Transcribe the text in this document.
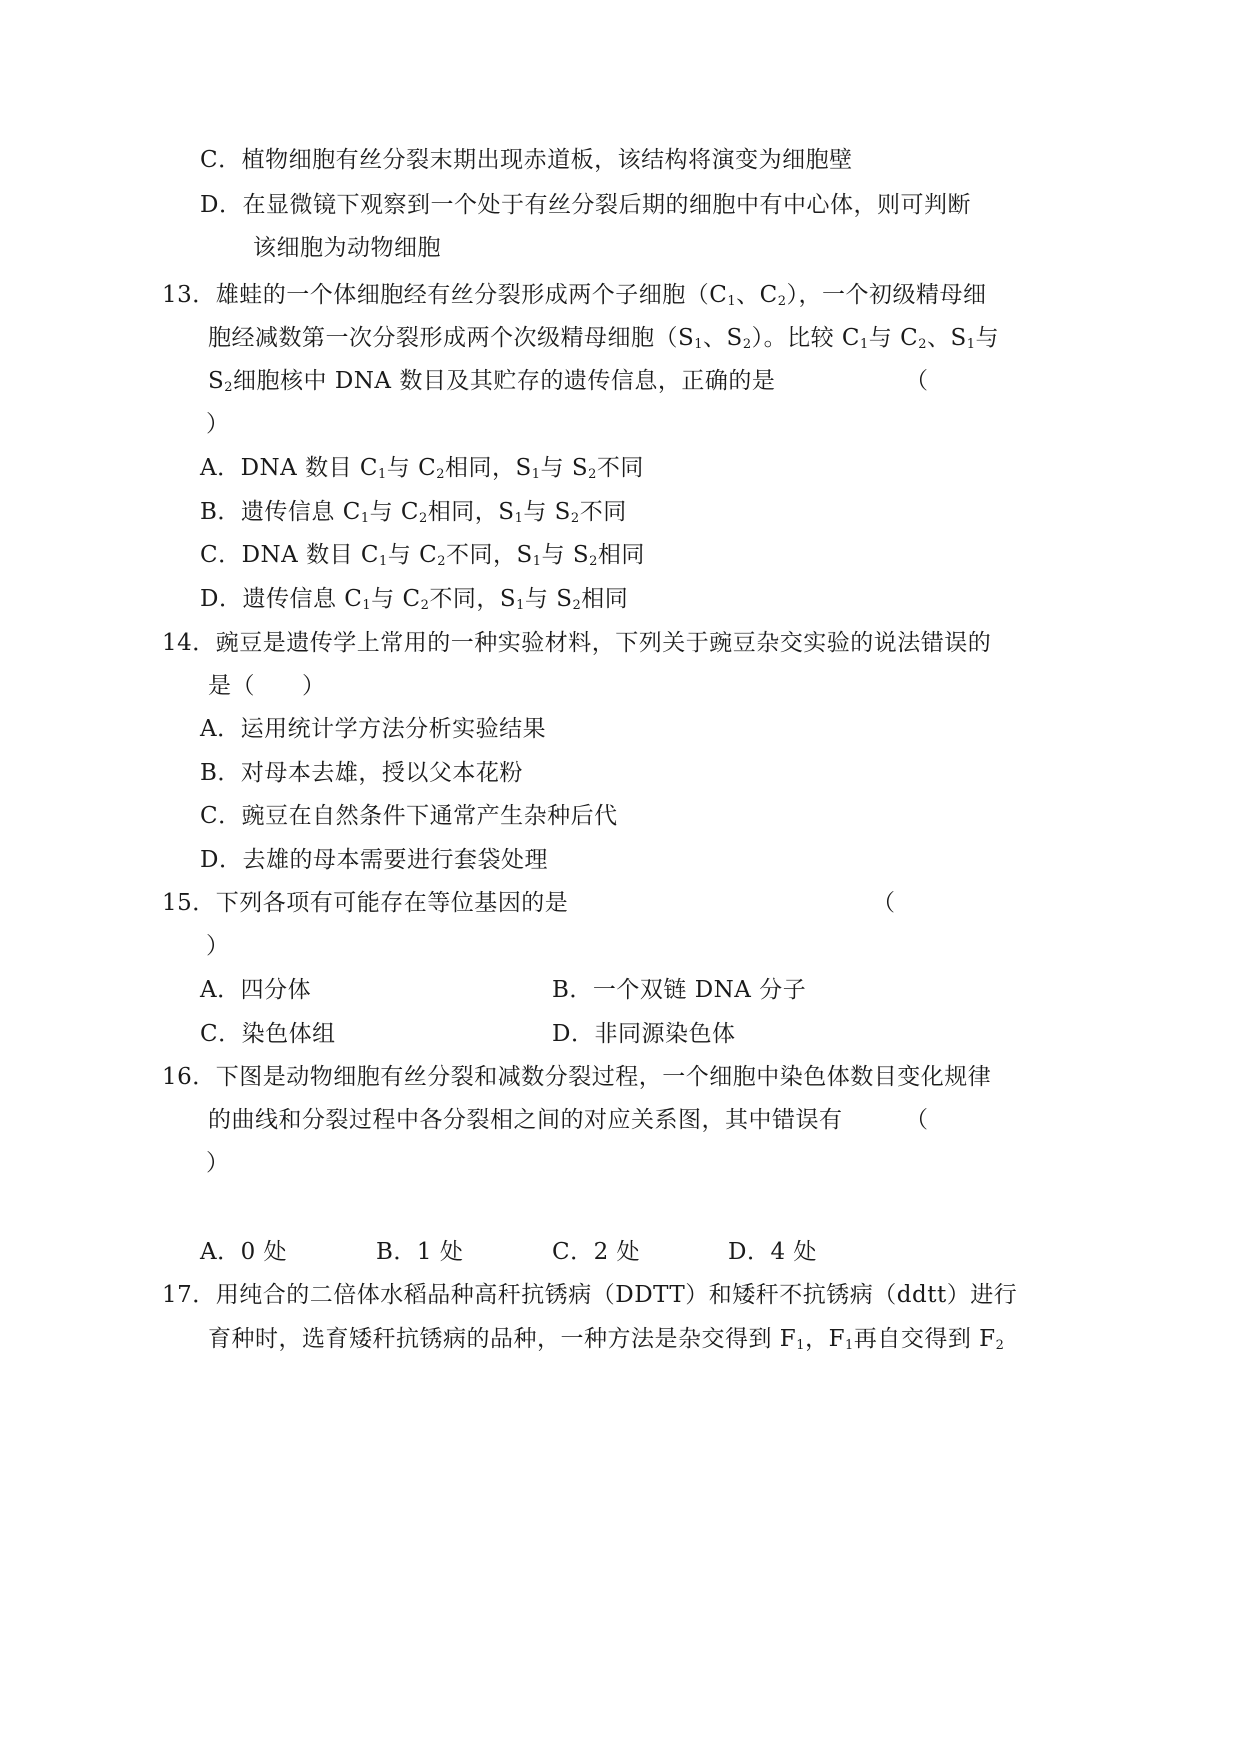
C．植物细胞有丝分裂末期出现赤道板，该结构将演变为细胞壁
D．在显微镜下观察到一个处于有丝分裂后期的细胞中有中心体，则可判断
该细胞为动物细胞
13．雄蛙的一个体细胞经有丝分裂形成两个子细胞（$C_1$、$C_2$），一个初级精母细
胞经减数第一次分裂形成两个次级精母细胞（$S_1$、$S_2$）。比较 $C_1$与 $C_2$、$S_1$与
$S_2$细胞核中 DNA 数目及其贮存的遗传信息，正确的是	（
）
A．DNA 数目 $C_1$与 $C_2$相同，$S_1$与 $S_2$不同
B．遗传信息 $C_1$与 $C_2$相同，$S_1$与 $S_2$不同
C．DNA 数目 $C_1$与 $C_2$不同，$S_1$与 $S_2$相同
D．遗传信息 $C_1$与 $C_2$不同，$S_1$与 $S_2$相同
14．豌豆是遗传学上常用的一种实验材料，下列关于豌豆杂交实验的说法错误的
是（　　）
A．运用统计学方法分析实验结果
B．对母本去雄，授以父本花粉
C．豌豆在自然条件下通常产生杂种后代
D．去雄的母本需要进行套袋处理
15．下列各项有可能存在等位基因的是	（
）
A．四分体	B．一个双链 DNA 分子
C．染色体组	D．非同源染色体
16．下图是动物细胞有丝分裂和减数分裂过程，一个细胞中染色体数目变化规律
的曲线和分裂过程中各分裂相之间的对应关系图，其中错误有	（
）
A．0 处	B．1 处	C．2 处	D．4 处
17．用纯合的二倍体水稻品种高秆抗锈病（DDTT）和矮秆不抗锈病（ddtt）进行
育种时，选育矮秆抗锈病的品种，一种方法是杂交得到 $F_1$，$F_1$再自交得到 $F_2$
